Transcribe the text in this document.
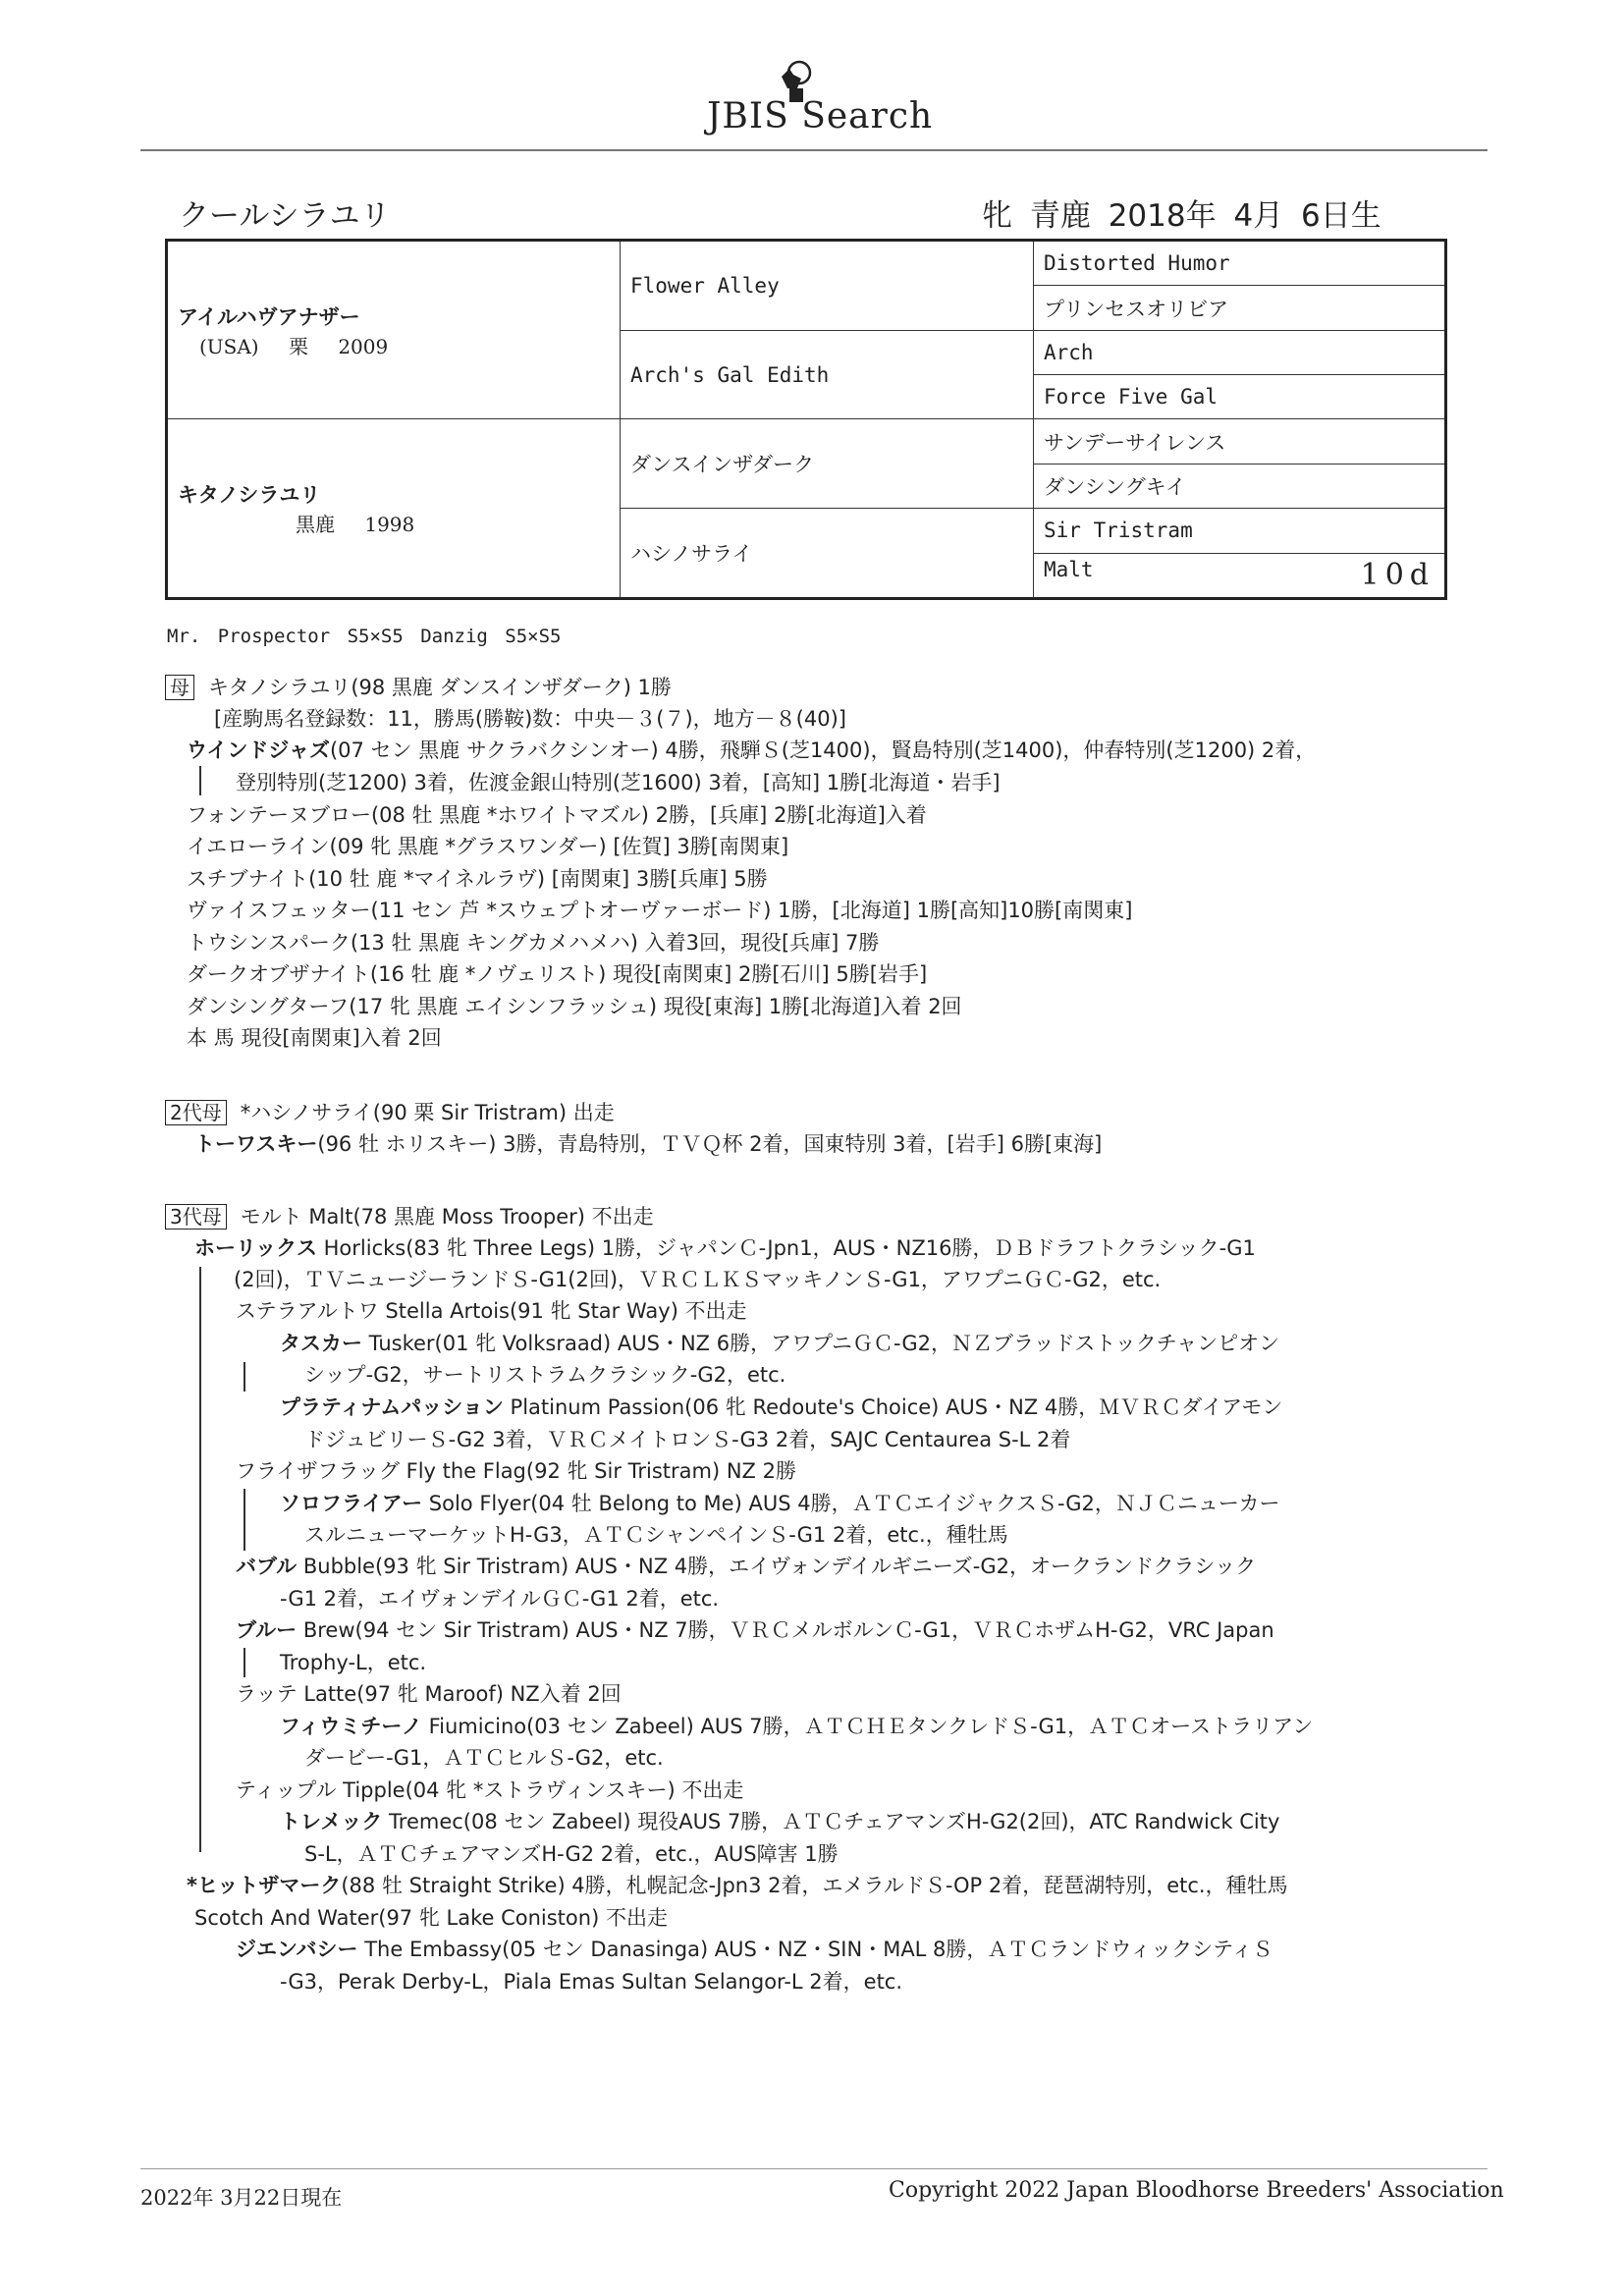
JBIS Search
クールシラユリ	牝 青鹿 2018年 4月 6日生
アイルハヴアナザー
(USA) 栗 2009	Flower Alley	Distorted Humor
		プリンセスオリビア
	Arch's Gal Edith	Arch
		Force Five Gal

キタノシラユリ
黒鹿 1998	ダンスインザダーク	サンデーサイレンス
		ダンシングキイ
	ハシノサライ	Sir Tristram
		Malt 10d
Mr. Prospector S5×S5 Danzig S5×S5
母 キタノシラユリ(98 黒鹿 ダンスインザダーク) 1勝
[産駒馬名登録数：11，勝馬(勝鞍)数：中央－３(７)，地方－８(40)]
ウインドジャズ(07 セン 黒鹿 サクラバクシンオー) 4勝，飛騨Ｓ(芝1400)，賢島特別(芝1400)，仲春特別(芝1200) 2着，
登別特別(芝1200) 3着，佐渡金銀山特別(芝1600) 3着，[高知] 1勝[北海道・岩手]
フォンテーヌブロー(08 牡 黒鹿 *ホワイトマズル) 2勝，[兵庫] 2勝[北海道]入着
イエローライン(09 牝 黒鹿 *グラスワンダー) [佐賀] 3勝[南関東]
スチブナイト(10 牡 鹿 *マイネルラヴ) [南関東] 3勝[兵庫] 5勝
ヴァイスフェッター(11 セン 芦 *スウェプトオーヴァーボード) 1勝，[北海道] 1勝[高知]10勝[南関東]
トウシンスパーク(13 牡 黒鹿 キングカメハメハ) 入着3回，現役[兵庫] 7勝
ダークオブザナイト(16 牡 鹿 *ノヴェリスト) 現役[南関東] 2勝[石川] 5勝[岩手]
ダンシングターフ(17 牝 黒鹿 エイシンフラッシュ) 現役[東海] 1勝[北海道]入着 2回
本 馬 現役[南関東]入着 2回
2代母 *ハシノサライ(90 栗 Sir Tristram) 出走
トーワスキー(96 牡 ホリスキー) 3勝，青島特別，ＴＶＱ杯 2着，国東特別 3着，[岩手] 6勝[東海]
3代母 モルト Malt(78 黒鹿 Moss Trooper) 不出走
ホーリックス Horlicks(83 牝 Three Legs) 1勝，ジャパンＣ-Jpn1，AUS・NZ16勝，ＤＢドラフトクラシック-G1
(2回)，ＴＶニュージーランドＳ-G1(2回)，ＶＲＣＬＫＳマッキノンＳ-G1，アワプニＧＣ-G2，etc.
ステラアルトワ Stella Artois(91 牝 Star Way) 不出走
タスカー Tusker(01 牝 Volksraad) AUS・NZ 6勝，アワプニＧＣ-G2，ＮＺブラッドストックチャンピオン
シップ-G2，サートリストラムクラシック-G2，etc.
プラティナムパッション Platinum Passion(06 牝 Redoute's Choice) AUS・NZ 4勝，ＭＶＲＣダイアモン
ドジュビリーＳ-G2 3着，ＶＲＣメイトロンＳ-G3 2着，SAJC Centaurea S-L 2着
フライザフラッグ Fly the Flag(92 牝 Sir Tristram) NZ 2勝
ソロフライアー Solo Flyer(04 牡 Belong to Me) AUS 4勝，ＡＴＣエイジャクスＳ-G2，ＮＪＣニューカー
スルニューマーケットH-G3，ＡＴＣシャンペインＳ-G1 2着，etc.，種牡馬
バブル Bubble(93 牝 Sir Tristram) AUS・NZ 4勝，エイヴォンデイルギニーズ-G2，オークランドクラシック
-G1 2着，エイヴォンデイルＧＣ-G1 2着，etc.
ブルー Brew(94 セン Sir Tristram) AUS・NZ 7勝，ＶＲＣメルボルンＣ-G1，ＶＲＣホザムH-G2，VRC Japan
Trophy-L，etc.
ラッテ Latte(97 牝 Maroof) NZ入着 2回
フィウミチーノ Fiumicino(03 セン Zabeel) AUS 7勝，ＡＴＣＨＥタンクレドＳ-G1，ＡＴＣオーストラリアン
ダービー-G1，ＡＴＣヒルＳ-G2，etc.
ティップル Tipple(04 牝 *ストラヴィンスキー) 不出走
トレメック Tremec(08 セン Zabeel) 現役AUS 7勝，ＡＴＣチェアマンズH-G2(2回)，ATC Randwick City
S-L，ＡＴＣチェアマンズH-G2 2着，etc.，AUS障害 1勝
*ヒットザマーク(88 牡 Straight Strike) 4勝，札幌記念-Jpn3 2着，エメラルドＳ-OP 2着，琵琶湖特別，etc.，種牡馬
Scotch And Water(97 牝 Lake Coniston) 不出走
ジエンバシー The Embassy(05 セン Danasinga) AUS・NZ・SIN・MAL 8勝，ＡＴＣランドウィックシティＳ
-G3，Perak Derby-L，Piala Emas Sultan Selangor-L 2着，etc.
2022年 3月22日現在	Copyright 2022 Japan Bloodhorse Breeders' Association
